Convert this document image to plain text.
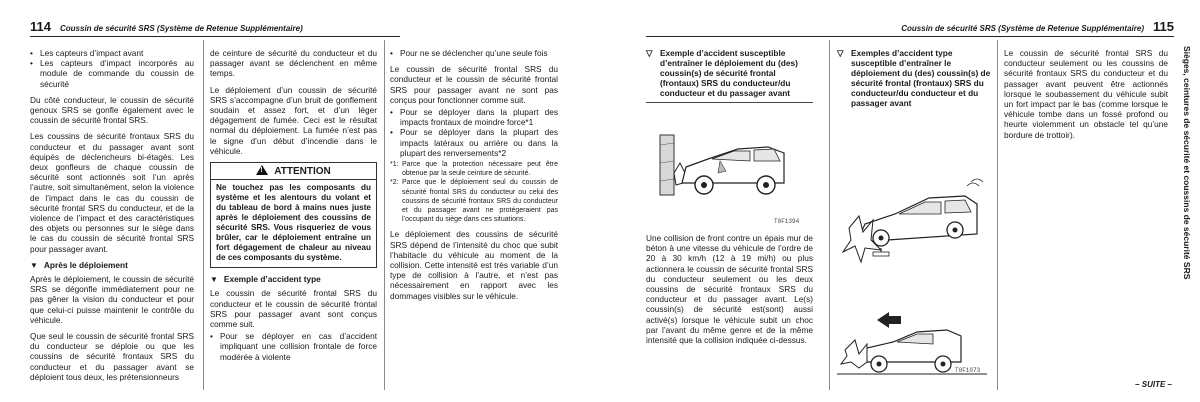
114 Coussin de sécurité SRS (Système de Retenue Supplémentaire)
• Les capteurs d’impact avant
• Les capteurs d’impact incorporés au module de commande du coussin de sécurité

Du côté conducteur, le coussin de sécurité genoux SRS se gonfle également avec le coussin de sécurité frontal SRS.

Les coussins de sécurité frontaux SRS du conducteur et du passager avant sont équipés de déclencheurs bi-étagés. Les deux gonfleurs de chaque coussin de sécurité sont actionnés soit l’un après l’autre, soit simultanément, selon la violence de l’impact dans le cas du coussin de sécurité frontal SRS du conducteur, et de la violence de l’impact et des caractéristiques des objets ou personnes sur le siège dans le cas du coussin de sécurité frontal SRS pour passager avant.

▼ Après le déploiement

Après le déploiement, le coussin de sécurité SRS se dégonfle immédiatement pour ne pas gêner la vision du conducteur et pour que celui-ci puisse maintenir le contrôle du véhicule.

Que seul le coussin de sécurité frontal SRS du conducteur se déploie ou que les coussins de sécurité frontaux SRS du conducteur et du passager avant se déploient tous deux, les prétensionneurs

de ceinture de sécurité du conducteur et du passager avant se déclenchent en même temps.

Le déploiement d’un coussin de sécurité SRS s’accompagne d’un bruit de gonflement soudain et assez fort, et d’un léger dégagement de fumée. Ceci est le résultat normal du déploiement. La fumée n’est pas le signe d’un début d’incendie dans le véhicule.

!ATTENTION
Ne touchez pas les composants du système et les alentours du volant et du tableau de bord à mains nues juste après le déploiement des coussins de sécurité SRS. Vous risqueriez de vous brûler, car le déploiement entraîne un fort dégagement de chaleur au niveau de ces composants du système.
▼ Exemple d’accident type

Le coussin de sécurité frontal SRS du conducteur et le coussin de sécurité frontal SRS pour passager avant sont conçus comme suit.

• Pour se déployer en cas d’accident impliquant une collision frontale de force modérée à violente
• Pour ne se déclencher qu’une seule fois

Le coussin de sécurité frontal SRS du conducteur et le coussin de sécurité frontal SRS pour passager avant ne sont pas conçus pour fonctionner comme suit.

• Pour se déployer dans la plupart des impacts frontaux de moindre force*1
• Pour se déployer dans la plupart des impacts latéraux ou arrière ou dans la plupart des renversements*2
*1: Parce que la protection nécessaire peut être obtenue par la seule ceinture de sécurité.
*2: Parce que le déploiement seul du coussin de sécurité frontal SRS du conducteur ou celui des coussins de sécurité frontaux SRS du conducteur et du passager avant ne protégeraient pas l’occupant du siège dans ces situations.

Le déploiement des coussins de sécurité SRS dépend de l’intensité du choc que subit l’habitacle du véhicule au moment de la collision. Cette intensité est très variable d’un type de collision à l’autre, et n’est pas nécessairement en rapport avec les dommages visibles sur le véhicule.

Coussin de sécurité SRS (Système de Retenue Supplémentaire) 115
▽ Exemple d’accident susceptible d’entraîner le déploiement du (des) coussin(s) de sécurité frontal (frontaux) SRS du conducteur/du conducteur et du passager avant
T0F1394

Une collision de front contre un épais mur de béton à une vitesse du véhicule de l’ordre de 20 à 30 km/h (12 à 19 mi/h) ou plus actionnera le coussin de sécurité frontal SRS du conducteur seulement ou les deux coussins de sécurité frontaux SRS du conducteur et du passager avant. Le(s) coussin(s) de sécurité est(sont) aussi activé(s) lorsque le véhicule subit un choc par l’avant du même genre et de la même intensité que la collision indiquée ci-dessus.

▽ Exemples d’accident type susceptible d’entraîner le déploiement du (des) coussin(s) de sécurité frontal (frontaux) SRS du conducteur/du conducteur et du passager avant
T0F1073

Le coussin de sécurité frontal SRS du conducteur seulement ou les coussins de sécurité frontaux SRS du conducteur et du passager avant peuvent être actionnés lorsque le soubassement du véhicule subit un fort impact par le bas (comme lorsque le véhicule tombe dans un fossé profond ou heurte violemment un obstacle tel qu’une bordure de trottoir).	Sièges, ceintures de sécurité et coussins de sécurité SRS
– SUITE –
